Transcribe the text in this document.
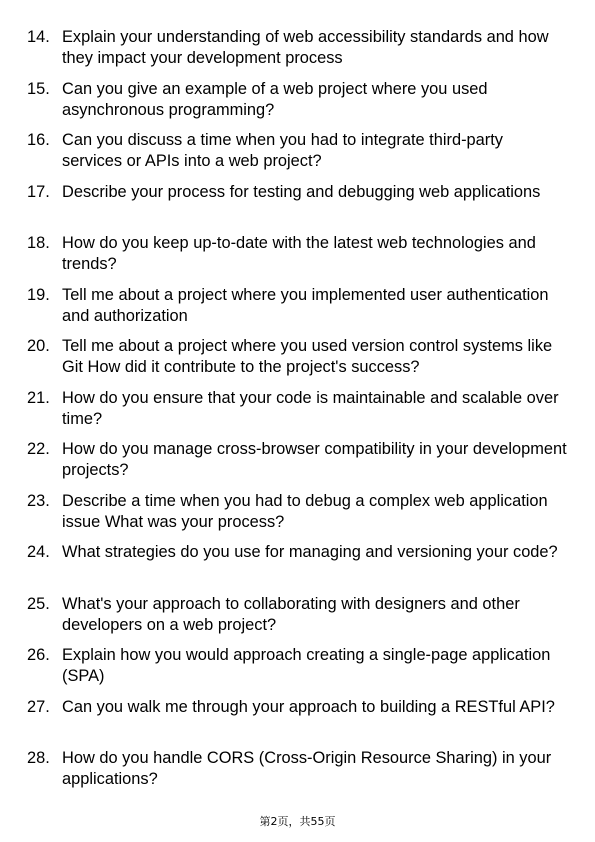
14. Explain your understanding of web accessibility standards and how they impact your development process
15. Can you give an example of a web project where you used asynchronous programming?
16. Can you discuss a time when you had to integrate third-party services or APIs into a web project?
17. Describe your process for testing and debugging web applications
18. How do you keep up-to-date with the latest web technologies and trends?
19. Tell me about a project where you implemented user authentication and authorization
20. Tell me about a project where you used version control systems like Git How did it contribute to the project's success?
21. How do you ensure that your code is maintainable and scalable over time?
22. How do you manage cross-browser compatibility in your development projects?
23. Describe a time when you had to debug a complex web application issue What was your process?
24. What strategies do you use for managing and versioning your code?
25. What's your approach to collaborating with designers and other developers on a web project?
26. Explain how you would approach creating a single-page application (SPA)
27. Can you walk me through your approach to building a RESTful API?
28. How do you handle CORS (Cross-Origin Resource Sharing) in your applications?
第2页，共55页
